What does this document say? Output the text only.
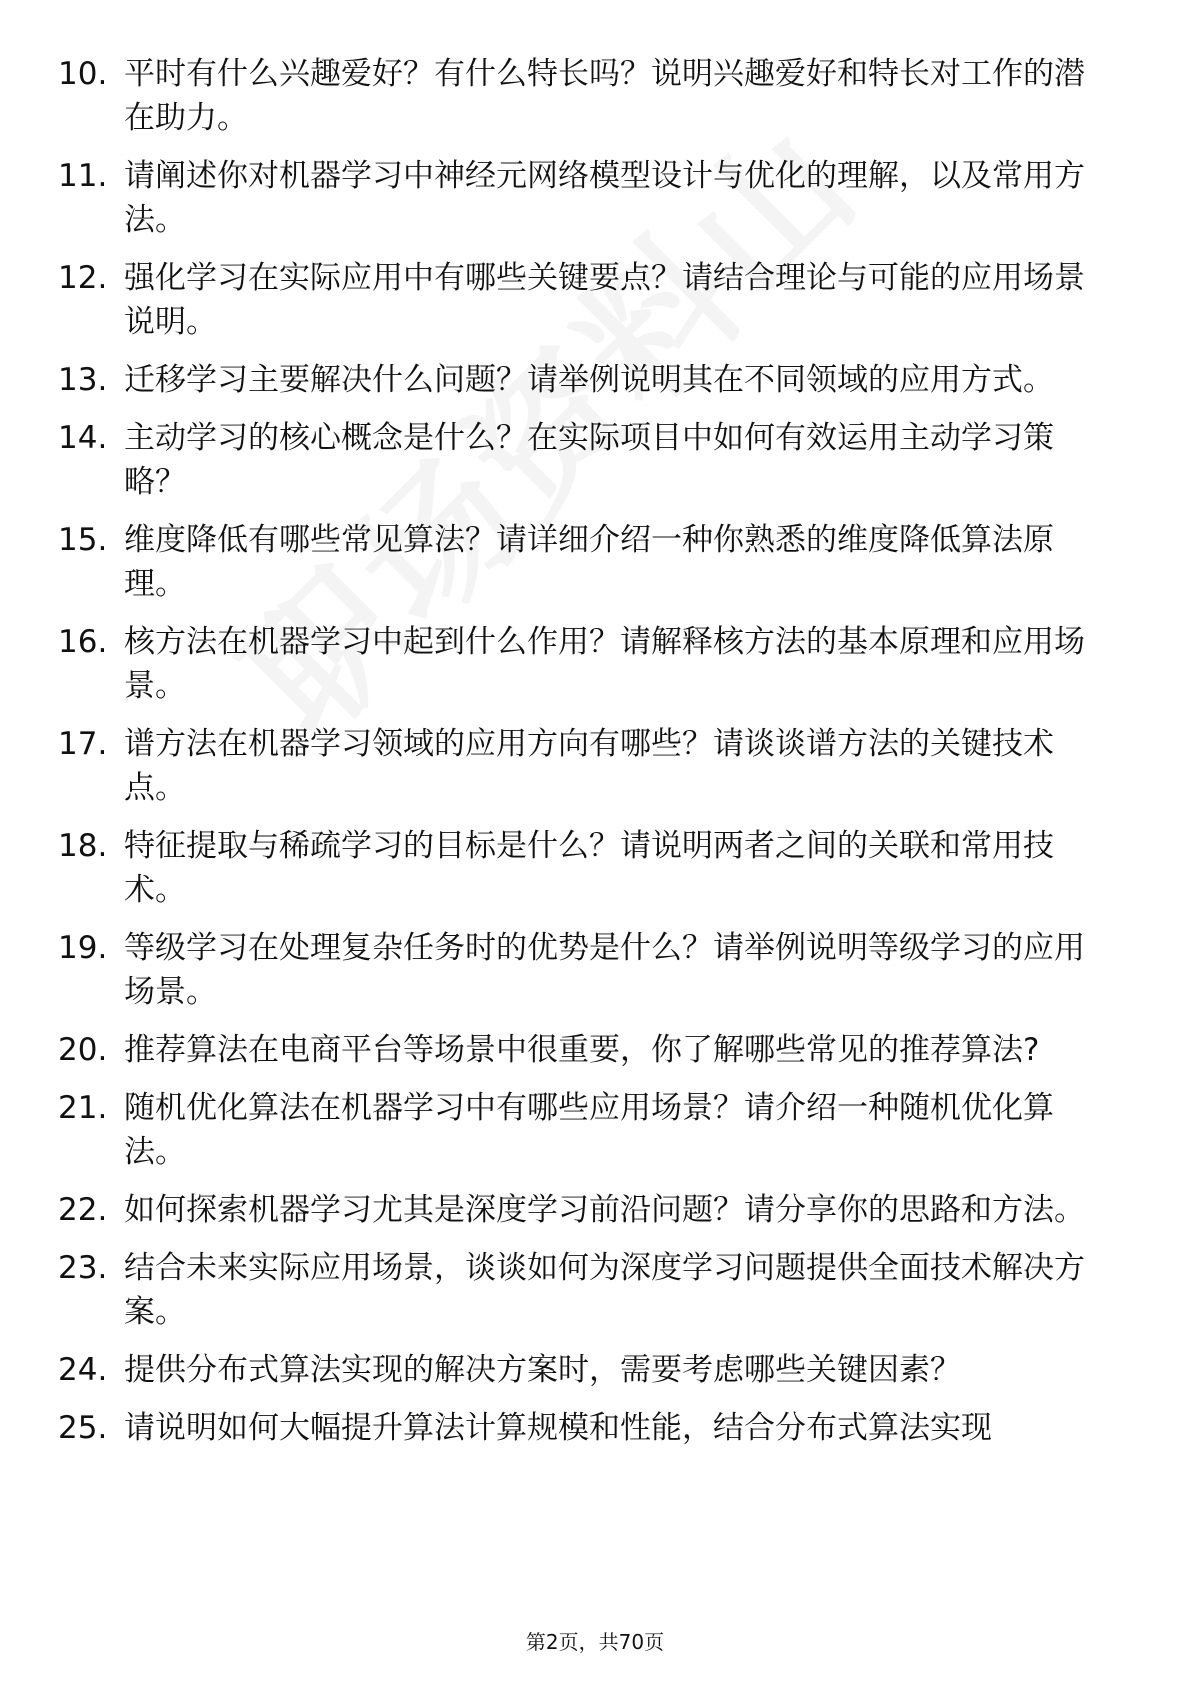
10. 平时有什么兴趣爱好？有什么特长吗？说明兴趣爱好和特长对工作的潜在助力。
11. 请阐述你对机器学习中神经元网络模型设计与优化的理解，以及常用方法。
12. 强化学习在实际应用中有哪些关键要点？请结合理论与可能的应用场景说明。
13. 迁移学习主要解决什么问题？请举例说明其在不同领域的应用方式。
14. 主动学习的核心概念是什么？在实际项目中如何有效运用主动学习策略？
15. 维度降低有哪些常见算法？请详细介绍一种你熟悉的维度降低算法原理。
16. 核方法在机器学习中起到什么作用？请解释核方法的基本原理和应用场景。
17. 谱方法在机器学习领域的应用方向有哪些？请谈谈谱方法的关键技术点。
18. 特征提取与稀疏学习的目标是什么？请说明两者之间的关联和常用技术。
19. 等级学习在处理复杂任务时的优势是什么？请举例说明等级学习的应用场景。
20. 推荐算法在电商平台等场景中很重要，你了解哪些常见的推荐算法?
21. 随机优化算法在机器学习中有哪些应用场景？请介绍一种随机优化算法。
22. 如何探索机器学习尤其是深度学习前沿问题？请分享你的思路和方法。
23. 结合未来实际应用场景，谈谈如何为深度学习问题提供全面技术解决方案。
24. 提供分布式算法实现的解决方案时，需要考虑哪些关键因素？
25. 请说明如何大幅提升算法计算规模和性能，结合分布式算法实现
第2页，共70页
